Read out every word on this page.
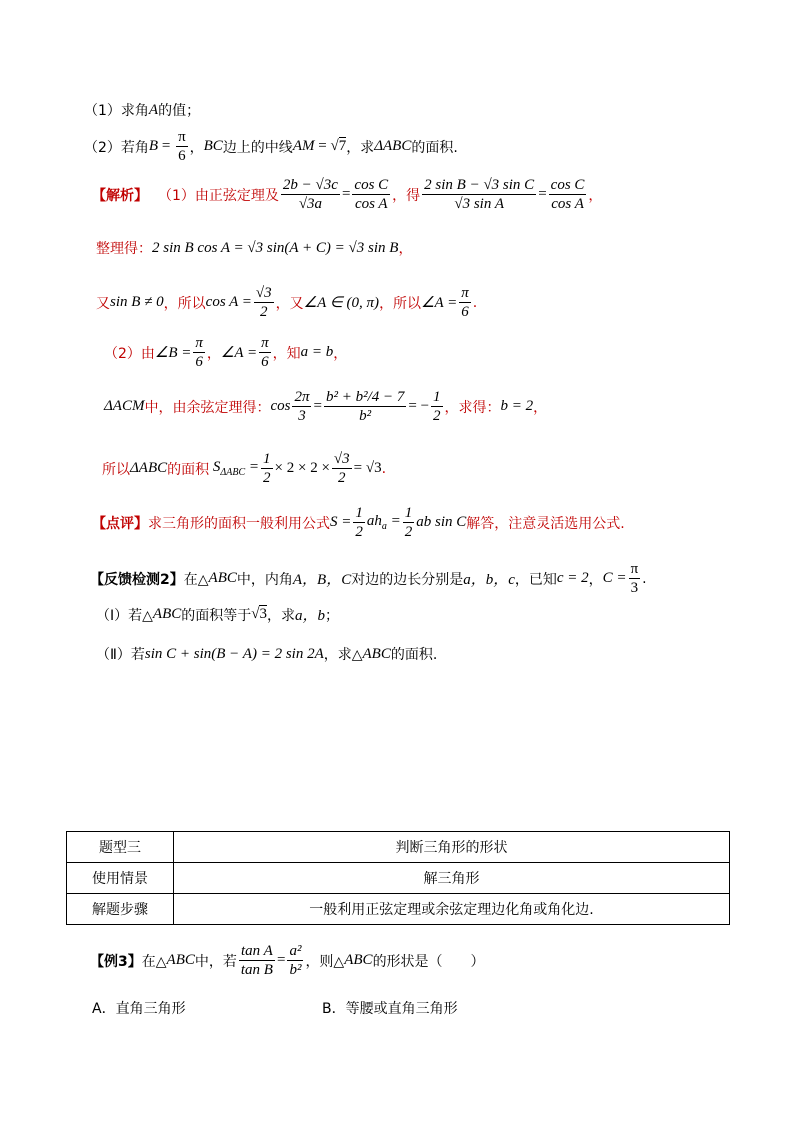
（1）求角 A 的值；
（2）若角 $B = \frac{\pi}{6}$ ， BC 边上的中线 AM = √7 ，求 ΔABC 的面积.
【解析】 （1）由正弦定理及 $\frac{2b - √3c}{√3a} = \frac{\text{cos C}}{\text{cos A}}$ ，得 $\frac{\text{2 sin B − √3 sin C}}{\text{√3 sin A}} = \frac{\text{cos C}}{\text{cos A}}$ ，
整理得： 2 sin B cos A = √3 sin(A + C) = √3 sin B ，
又 sin B ≠ 0 ，所以 $\cos A = \frac{√3}{2}$ ，又 ∠A ∈ (0, π) ，所以 ∠A = $\frac{\pi}{6}$ .
（2）由 ∠B = $\frac{\pi}{6}$ ， ∠A = $\frac{\pi}{6}$ ，知 a = b ，
ΔACM 中，由余弦定理得： $\cos \frac{2\pi}{3} = \frac{\text{b² + b²/4 − 7}}{\text{b²}}$ = − $\frac{1}{2}$ ，求得： b = 2 ，
所以 ΔABC 的面积 $S_{\Delta ABC} = \frac{1}{2} \times 2 \times 2 \times \frac{√3}{2} = √3$ .
【点评】 求三角形的面积一般利用公式 $S = \frac{1}{2} ah_a = \frac{1}{2}$ ab sin C 解答，注意灵活选用公式.
【反馈检测2】 在△ ABC 中，内角 A，B，C 对边的边长分别是 a，b，c ，已知 c = 2 ， $C = \frac{\pi}{3}$ .
（Ⅰ）若△ ABC 的面积等于 √3 ，求 a，b ；
（Ⅱ）若 sin C + sin(B − A) = 2 sin 2A ，求△ ABC 的面积.
题型三	判断三角形的形状
使用情景	解三角形
解题步骤	一般利用正弦定理或余弦定理边化角或角化边.
【例3】 在△ ABC 中，若 $\frac{\text{tan A}}{\text{tan B}} = \frac{\text{a²}}{\text{b²}}$ ，则△ ABC 的形状是（　　）
A．直角三角形	B．等腰或直角三角形
